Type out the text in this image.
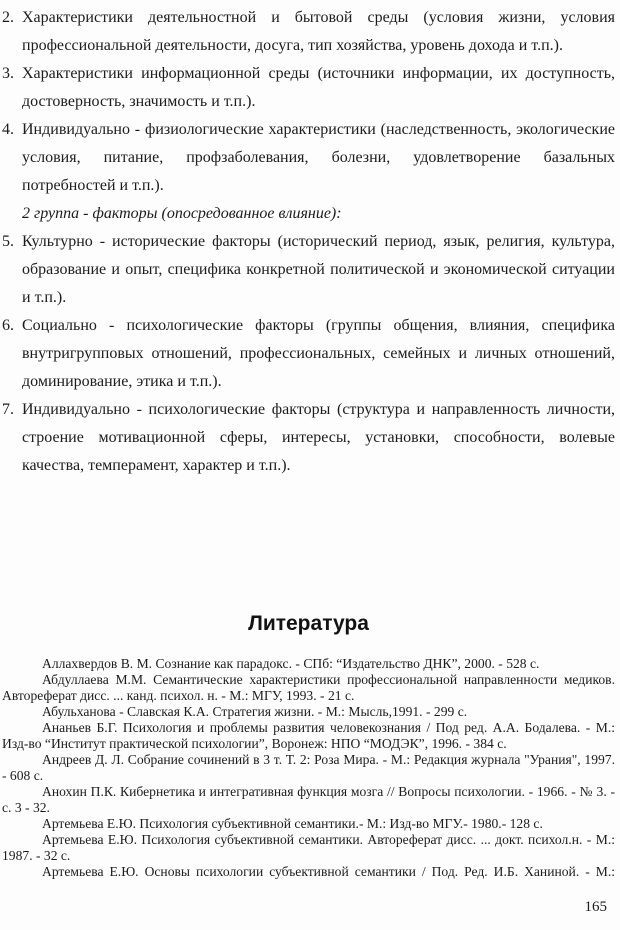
2. Характеристики деятельностной и бытовой среды (условия жизни, условия профессиональной деятельности, досуга, тип хозяйства, уровень дохода и т.п.).
3. Характеристики информационной среды (источники информации, их доступность, достоверность, значимость и т.п.).
4. Индивидуально - физиологические характеристики (наследственность, экологические условия, питание, профзаболевания, болезни, удовлетворение базальных потребностей и т.п.).
2 группа - факторы (опосредованное влияние):
5. Культурно - исторические факторы (исторический период, язык, религия, культура, образование и опыт, специфика конкретной политической и экономической ситуации и т.п.).
6. Социально - психологические факторы (группы общения, влияния, специфика внутригрупповых отношений, профессиональных, семейных и личных отношений, доминирование, этика и т.п.).
7. Индивидуально - психологические факторы (структура и направленность личности, строение мотивационной сферы, интересы, установки, способности, волевые качества, темперамент, характер и т.п.).
Литература

Аллахвердов В. М. Сознание как парадокс. - СПб: “Издательство ДНК”, 2000. - 528 с.

Абдуллаева М.М. Семантические характеристики профессиональной направленности медиков. Автореферат дисс. ... канд. психол. н. - М.: МГУ, 1993. - 21 с.

Абульханова - Славская К.А. Стратегия жизни. - М.: Мысль,1991. - 299 с.

Ананьев Б.Г. Психология и проблемы развития человекознания / Под ред. А.А. Бодалева. - М.: Изд-во “Институт практической психологии”, Воронеж: НПО “МОДЭК”, 1996. - 384 с.

Андреев Д. Л. Собрание сочинений в 3 т. Т. 2: Роза Мира. - М.: Редакция журнала "Урания", 1997. - 608 с.

Анохин П.К. Кибернетика и интегративная функция мозга // Вопросы психологии. - 1966. - № 3. - с. 3 - 32.

Артемьева Е.Ю. Психология субъективной семантики.- М.: Изд-во МГУ.- 1980.- 128 с.

Артемьева Е.Ю. Психология субъективной семантики. Автореферат дисс. ... докт. психол.н. - М.: 1987. - 32 с.

Артемьева Е.Ю. Основы психологии субъективной семантики / Под. Ред. И.Б. Ханиной. - М.:

165
